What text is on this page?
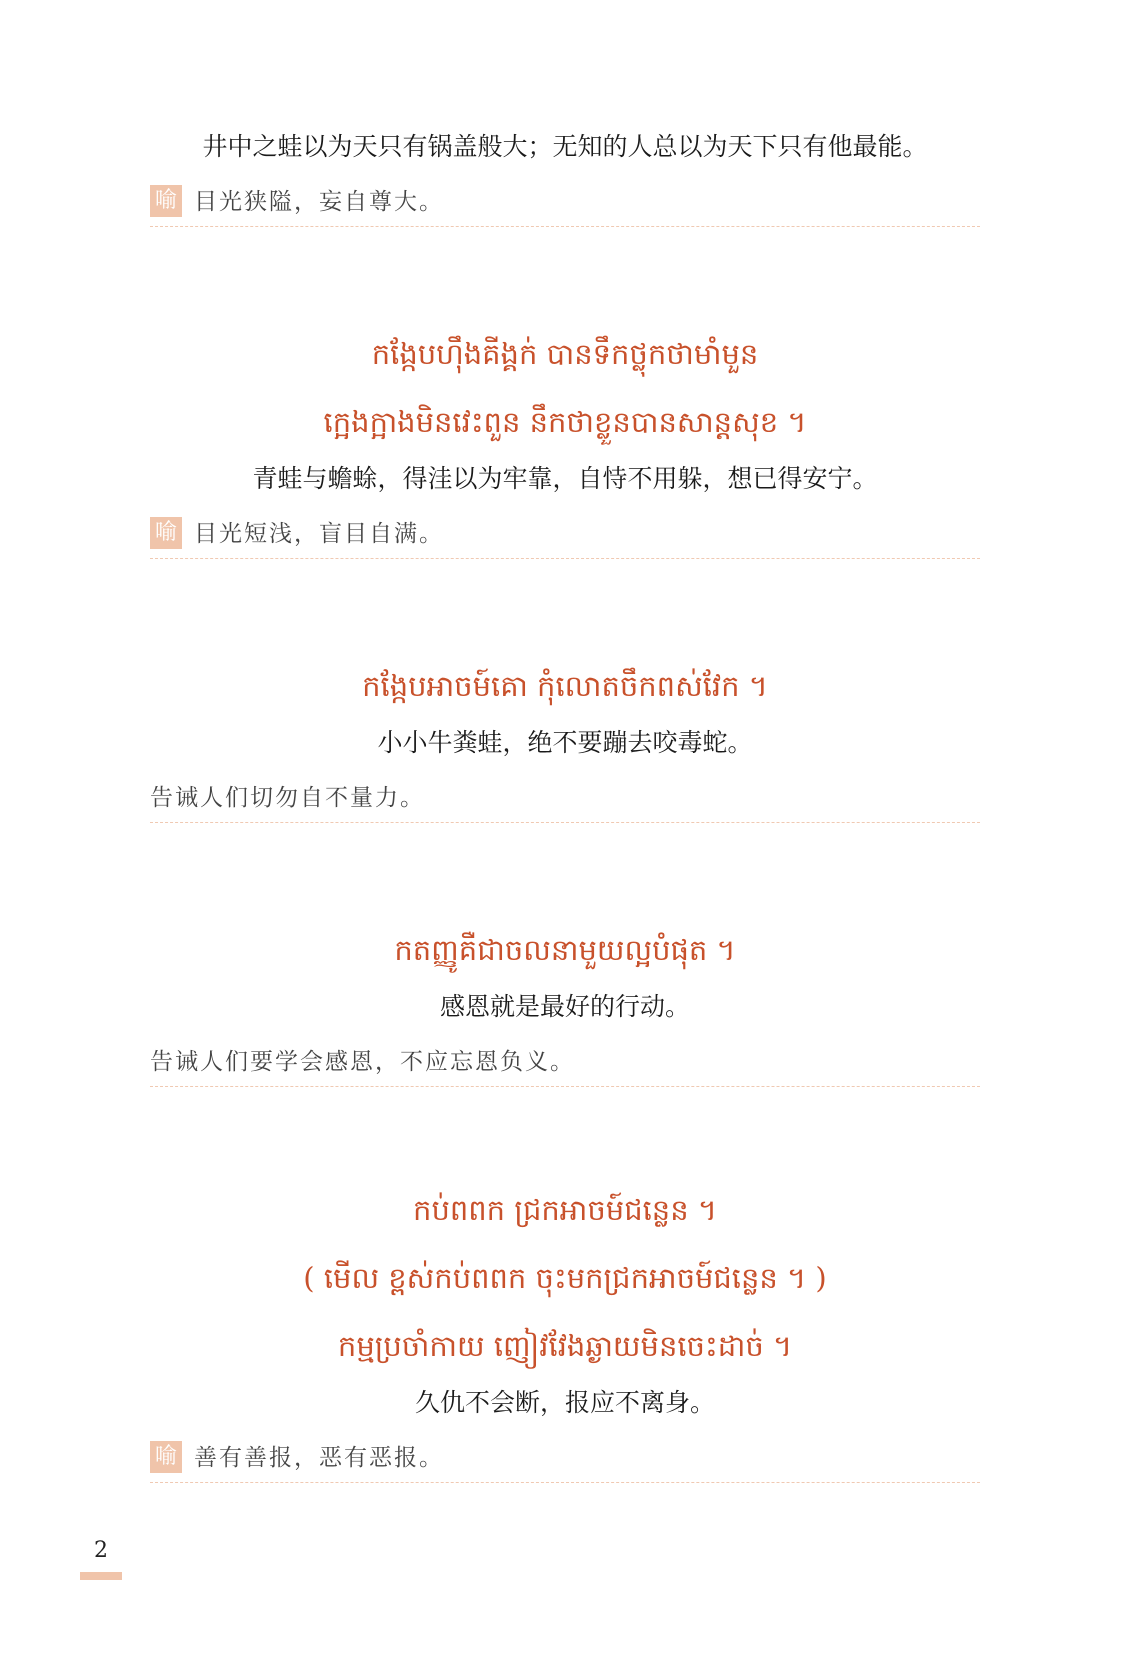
井中之蛙以为天只有锅盖般大；无知的人总以为天下只有他最能。
喻 目光狭隘，妄自尊大。
កង្កែបហ៊ឹងគីង្គក់ បានទឹកថ្លុកថាមាំមួន
ក្អេងក្អាងមិនវេះពួន នឹកថាខ្លួនបានសាន្តសុខ ។
青蛙与蟾蜍，得洼以为牢靠，自恃不用躲，想已得安宁。
喻 目光短浅，盲目自满。
កង្កែបអាចម៍គោ កុំលោតចឹកពស់វែក ។
小小牛粪蛙，绝不要蹦去咬毒蛇。
告诫人们切勿自不量力。
កតញ្ញូគឺជាចលនាមួយល្អបំផុត ។
感恩就是最好的行动。
告诫人们要学会感恩，不应忘恩负义。
កប់ពពក ជ្រកអាចម៍ជន្លេន ។
( មើល ខ្ពស់កប់ពពក ចុះមកជ្រកអាចម៍ជន្លេន ។ )
កម្មប្រចាំកាយ ញៀវវែងឆ្ងាយមិនចេះដាច់ ។
久仇不会断，报应不离身。
喻 善有善报，恶有恶报。
2
